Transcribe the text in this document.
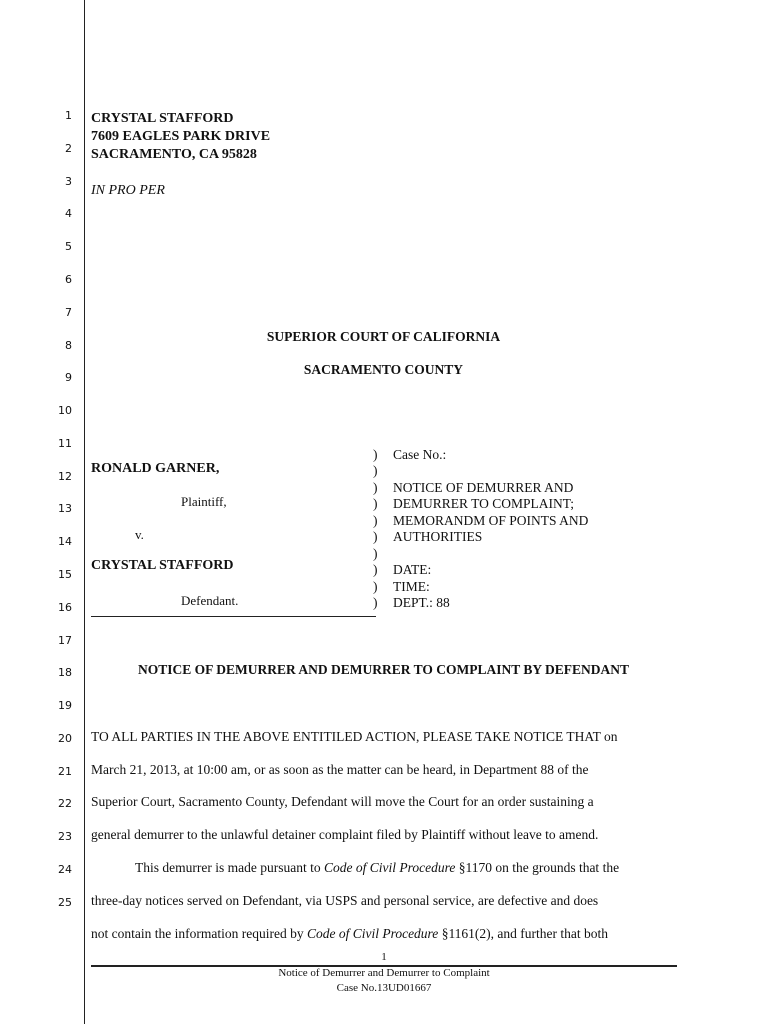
1
2
3
4
5
6
7
8
9
10
11
12
13
14
15
16
17
18
19
20
21
22
23
24
25
CRYSTAL STAFFORD
7609 EAGLES PARK DRIVE
SACRAMENTO, CA 95828
IN PRO PER
SUPERIOR COURT OF CALIFORNIA
SACRAMENTO COUNTY
RONALD GARNER,
Plaintiff,
v.
CRYSTAL STAFFORD
Defendant.
)
)
)
)
)
)
)
)
)
)
Case No.:
NOTICE OF DEMURRER AND
DEMURRER TO COMPLAINT;
MEMORANDM OF POINTS AND
AUTHORITIES
DATE:
TIME:
DEPT.: 88
NOTICE OF DEMURRER AND DEMURRER TO COMPLAINT BY DEFENDANT
TO ALL PARTIES IN THE ABOVE ENTITILED ACTION, PLEASE TAKE NOTICE THAT on
March 21, 2013, at 10:00 am, or as soon as the matter can be heard, in Department 88 of the
Superior Court, Sacramento County, Defendant will move the Court for an order sustaining a
general demurrer to the unlawful detainer complaint filed by Plaintiff without leave to amend.
This demurrer is made pursuant to Code of Civil Procedure §1170 on the grounds that the
three-day notices served on Defendant, via USPS and personal service, are defective and does
not contain the information required by Code of Civil Procedure §1161(2), and further that both
1
Notice of Demurrer and Demurrer to Complaint
Case No.13UD01667
